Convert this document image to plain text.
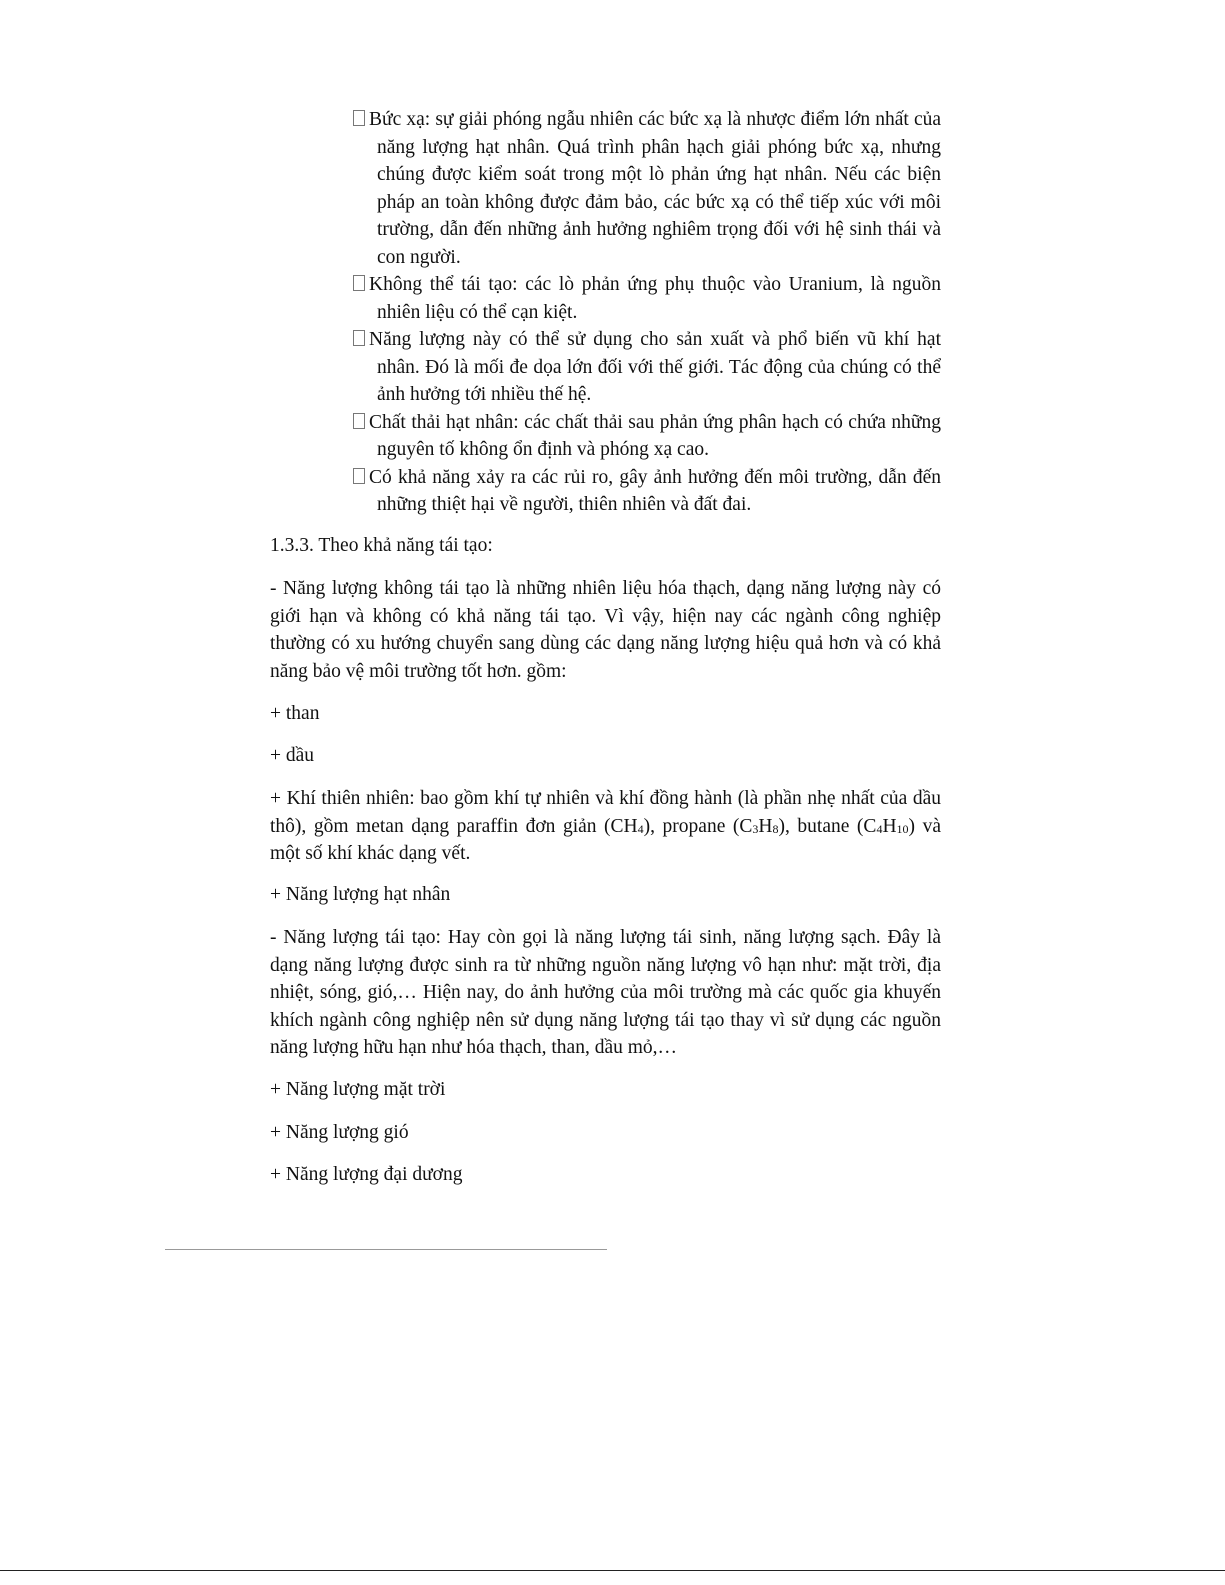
Bức xạ: sự giải phóng ngẫu nhiên các bức xạ là nhược điểm lớn nhất của năng lượng hạt nhân. Quá trình phân hạch giải phóng bức xạ, nhưng chúng được kiểm soát trong một lò phản ứng hạt nhân. Nếu các biện pháp an toàn không được đảm bảo, các bức xạ có thể tiếp xúc với môi trường, dẫn đến những ảnh hưởng nghiêm trọng đối với hệ sinh thái và con người.

Không thể tái tạo: các lò phản ứng phụ thuộc vào Uranium, là nguồn nhiên liệu có thể cạn kiệt.

Năng lượng này có thể sử dụng cho sản xuất và phổ biến vũ khí hạt nhân. Đó là mối đe dọa lớn đối với thế giới. Tác động của chúng có thể ảnh hưởng tới nhiều thế hệ.

Chất thải hạt nhân: các chất thải sau phản ứng phân hạch có chứa những nguyên tố không ổn định và phóng xạ cao.

Có khả năng xảy ra các rủi ro, gây ảnh hưởng đến môi trường, dẫn đến những thiệt hại về người, thiên nhiên và đất đai.

1.3.3. Theo khả năng tái tạo:

- Năng lượng không tái tạo là những nhiên liệu hóa thạch, dạng năng lượng này có giới hạn và không có khả năng tái tạo. Vì vậy, hiện nay các ngành công nghiệp thường có xu hướng chuyển sang dùng các dạng năng lượng hiệu quả hơn và có khả năng bảo vệ môi trường tốt hơn. gồm:

+ than

+ dầu

+ Khí thiên nhiên: bao gồm khí tự nhiên và khí đồng hành (là phần nhẹ nhất của dầu thô), gồm metan dạng paraffin đơn giản $(CH_4)$, propane $(C_3H_8)$, butane $(C_4H_{10})$ và một số khí khác dạng vết.

+ Năng lượng hạt nhân

- Năng lượng tái tạo: Hay còn gọi là năng lượng tái sinh, năng lượng sạch. Đây là dạng năng lượng được sinh ra từ những nguồn năng lượng vô hạn như: mặt trời, địa nhiệt, sóng, gió,… Hiện nay, do ảnh hưởng của môi trường mà các quốc gia khuyến khích ngành công nghiệp nên sử dụng năng lượng tái tạo thay vì sử dụng các nguồn năng lượng hữu hạn như hóa thạch, than, dầu mỏ,…

+ Năng lượng mặt trời

+ Năng lượng gió

+ Năng lượng đại dương
